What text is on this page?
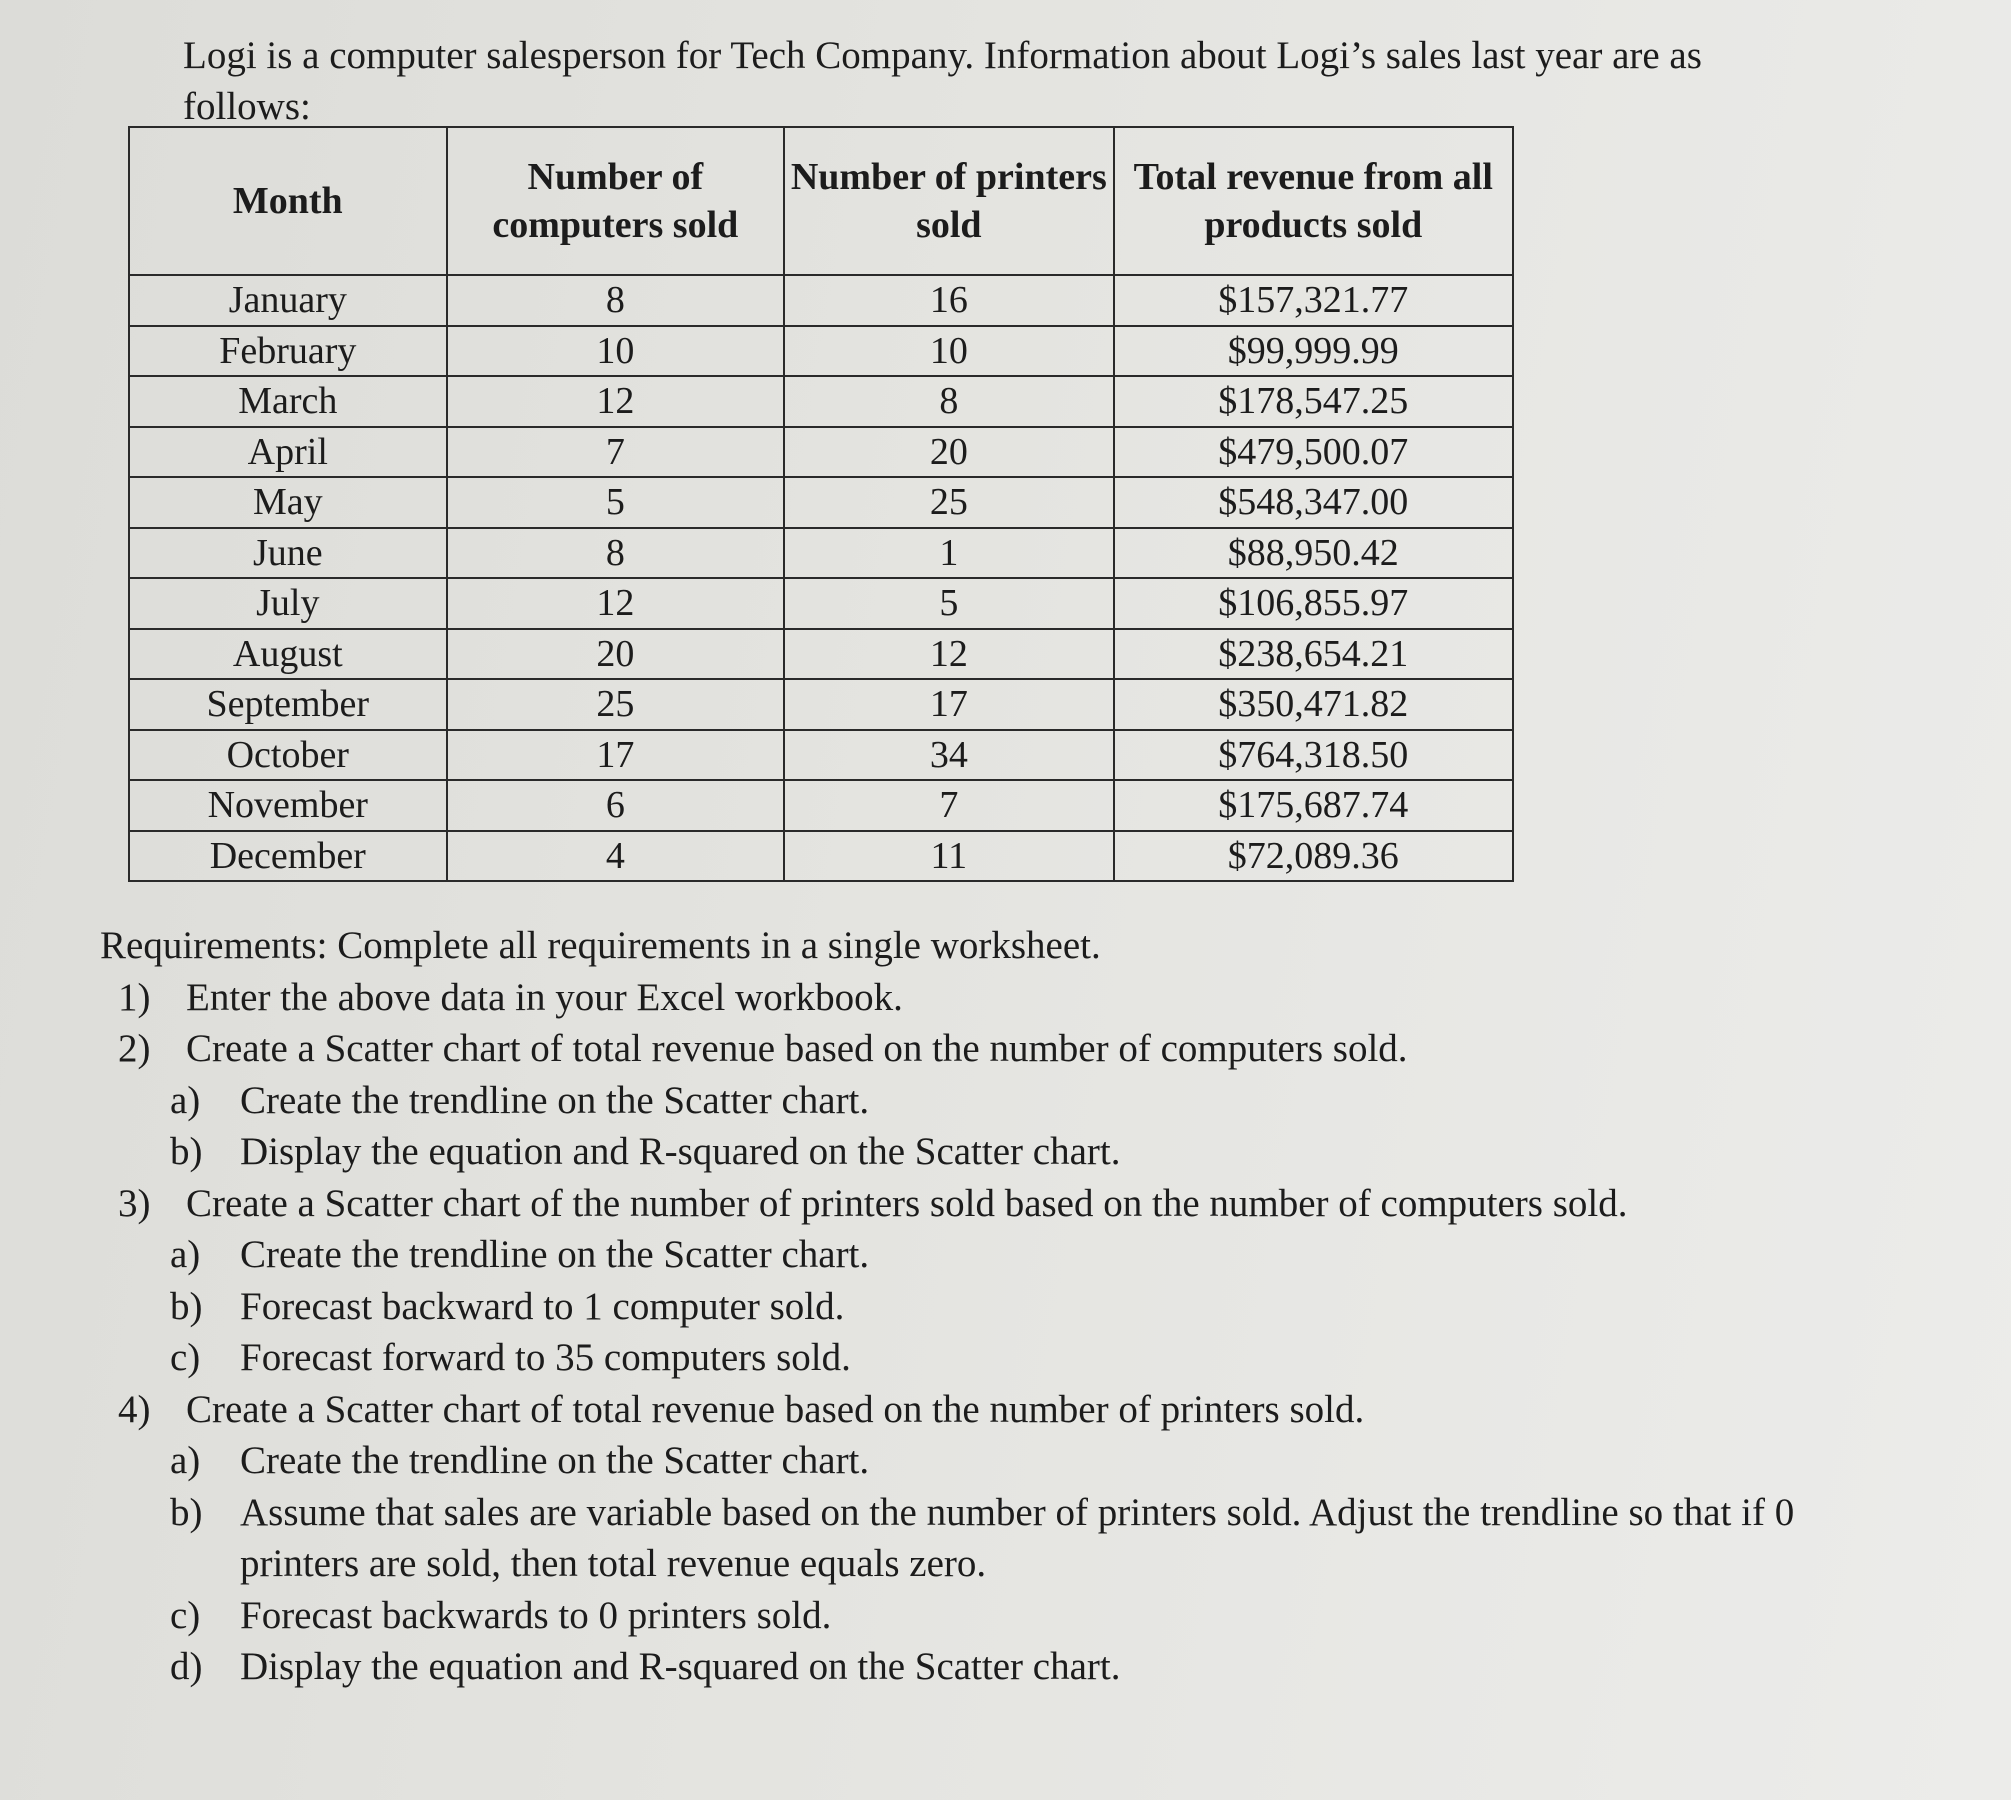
Logi is a computer salesperson for Tech Company. Information about Logi’s sales last year are as follows:
Month	Number of computers sold	Number of printers sold	Total revenue from all products sold
January	8	16	$157,321.77
February	10	10	$99,999.99
March	12	8	$178,547.25
April	7	20	$479,500.07
May	5	25	$548,347.00
June	8	1	$88,950.42
July	12	5	$106,855.97
August	20	12	$238,654.21
September	25	17	$350,471.82
October	17	34	$764,318.50
November	6	7	$175,687.74
December	4	11	$72,089.36

Requirements: Complete all requirements in a single worksheet.

1) Enter the above data in your Excel workbook.

2) Create a Scatter chart of total revenue based on the number of computers sold.

a)	Create the trendline on the Scatter chart.

b) Display the equation and R-squared on the Scatter chart.

3) Create a Scatter chart of the number of printers sold based on the number of computers sold.

a)	Create the trendline on the Scatter chart.

b) Forecast backward to 1 computer sold.

c)	Forecast forward to 35 computers sold.

4) Create a Scatter chart of total revenue based on the number of printers sold.

a)	Create the trendline on the Scatter chart.

b) Assume that sales are variable based on the number of printers sold. Adjust the trendline so that if 0 printers are sold, then total revenue equals zero.

c)	Forecast backwards to 0 printers sold.

d) Display the equation and R-squared on the Scatter chart.
